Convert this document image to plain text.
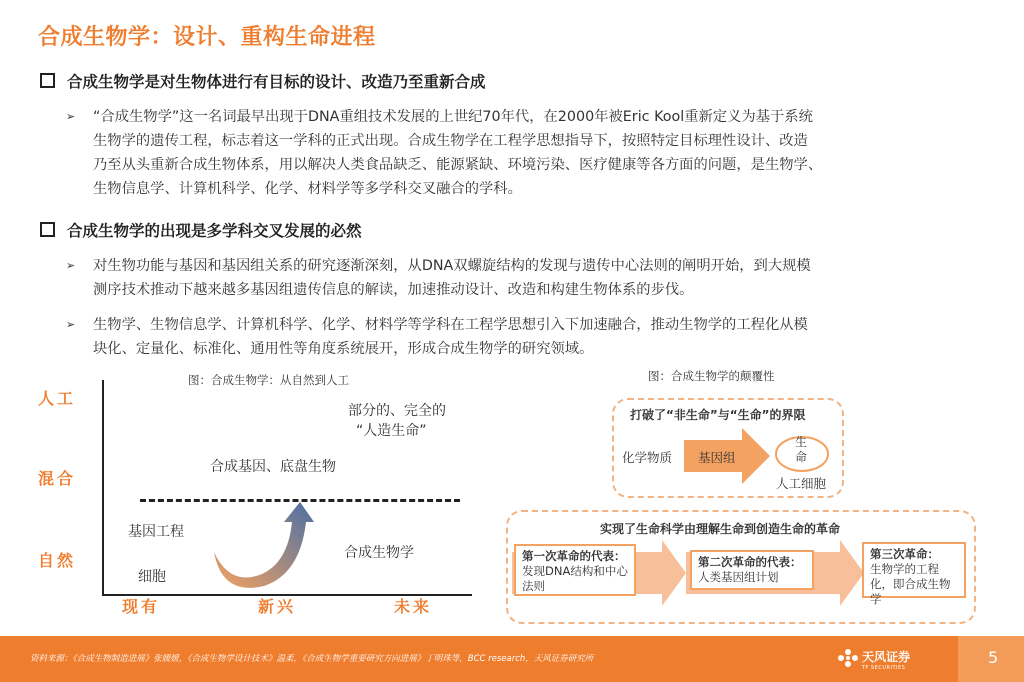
合成生物学：设计、重构生命进程
合成生物学是对生物体进行有目标的设计、改造乃至重新合成
➢ “合成生物学”这一名词最早出现于DNA重组技术发展的上世纪70年代，在2000年被Eric Kool重新定义为基于系统
生物学的遗传工程，标志着这一学科的正式出现。合成生物学在工程学思想指导下，按照特定目标理性设计、改造
乃至从头重新合成生物体系，用以解决人类食品缺乏、能源紧缺、环境污染、医疗健康等各方面的问题，是生物学、
生物信息学、计算机科学、化学、材料学等多学科交叉融合的学科。
合成生物学的出现是多学科交叉发展的必然
➢ 对生物功能与基因和基因组关系的研究逐渐深刻，从DNA双螺旋结构的发现与遗传中心法则的阐明开始，到大规模
测序技术推动下越来越多基因组遗传信息的解读，加速推动设计、改造和构建生物体系的步伐。
➢ 生物学、生物信息学、计算机科学、化学、材料学等学科在工程学思想引入下加速融合，推动生物学的工程化从模
块化、定量化、标准化、通用性等角度系统展开，形成合成生物学的研究领域。
图：合成生物学：从自然到人工
人工
混合
自然
现有	新兴	未来
部分的、完全的
“人造生命”
合成基因、底盘生物
基因工程
细胞
合成生物学
图：合成生物学的颠覆性
打破了“非生命”与“生命”的界限
化学物质 基因组
生命
人工细胞
实现了生命科学由理解生命到创造生命的革命
第一次革命的代表：
发现DNA结构和中心法则
第二次革命的代表：
人类基因组计划
第三次革命：
生物学的工程化，即合成生物学
资料来源：《合成生物制造进展》张媛媛，《合成生物学设计技术》温柔，《合成生物学重要研究方向进展》丁明珠等，BCC research，天风证券研究所	天风证券
TF SECURITIES
5
